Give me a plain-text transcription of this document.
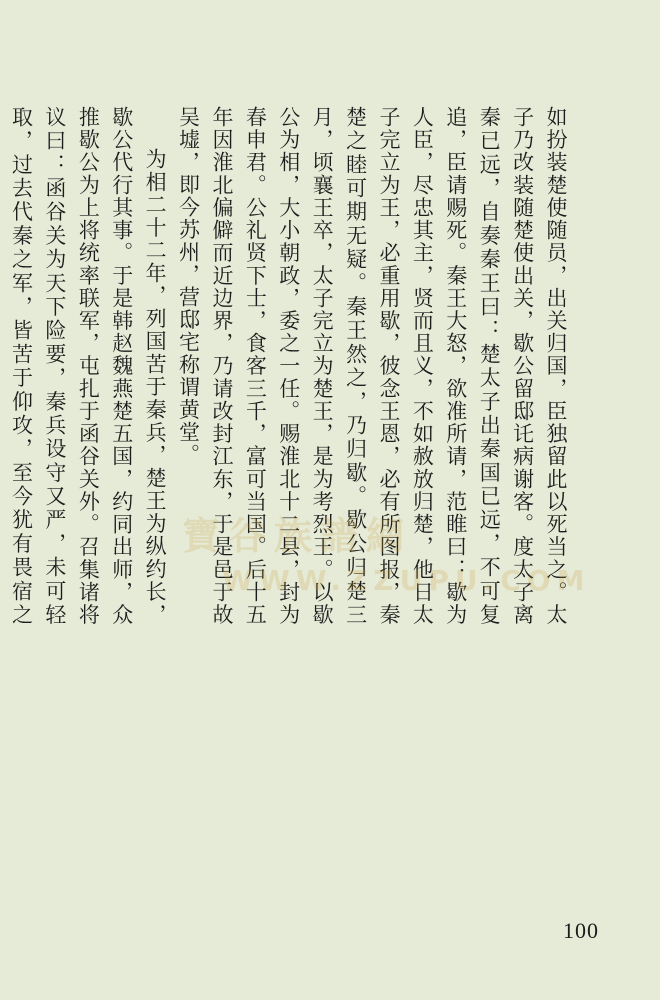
如扮装楚使随员，出关归国，臣独留此以死当之。太子乃改装随楚使出关，歇公留邸讬病谢客。度太子离秦已远，自奏秦王曰：楚太子出秦国已远，不可复追，臣请赐死。秦王大怒，欲准所请，范睢曰：歇为人臣，尽忠其主，贤而且义，不如赦放归楚，他日太子完立为王，必重用歇，彼念王恩，必有所图报，秦楚之睦可期无疑。秦王然之，乃归歇。歇公归楚三月，顷襄王卒，太子完立为楚王，是为考烈王。以歇公为相，大小朝政，委之一任。赐淮北十二县，封为春申君。公礼贤下士，食客三千，富可当国。后十五年因淮北偏僻而近边界，乃请改封江东，于是邑于故吴墟，即今苏州，营邸宅称谓黄堂。

为相二十二年，列国苦于秦兵，楚王为纵约长，歇公代行其事。于是韩赵魏燕楚五国，约同出师，众推歇公为上将统率联军，屯扎于函谷关外。召集诸将议曰：函谷关为天下险要，秦兵设守又严，未可轻取，过去代秦之军，皆苦于仰攻，至今犹有畏宿之

寶谷族譜網
WWW.ZZUPU.COM
100
